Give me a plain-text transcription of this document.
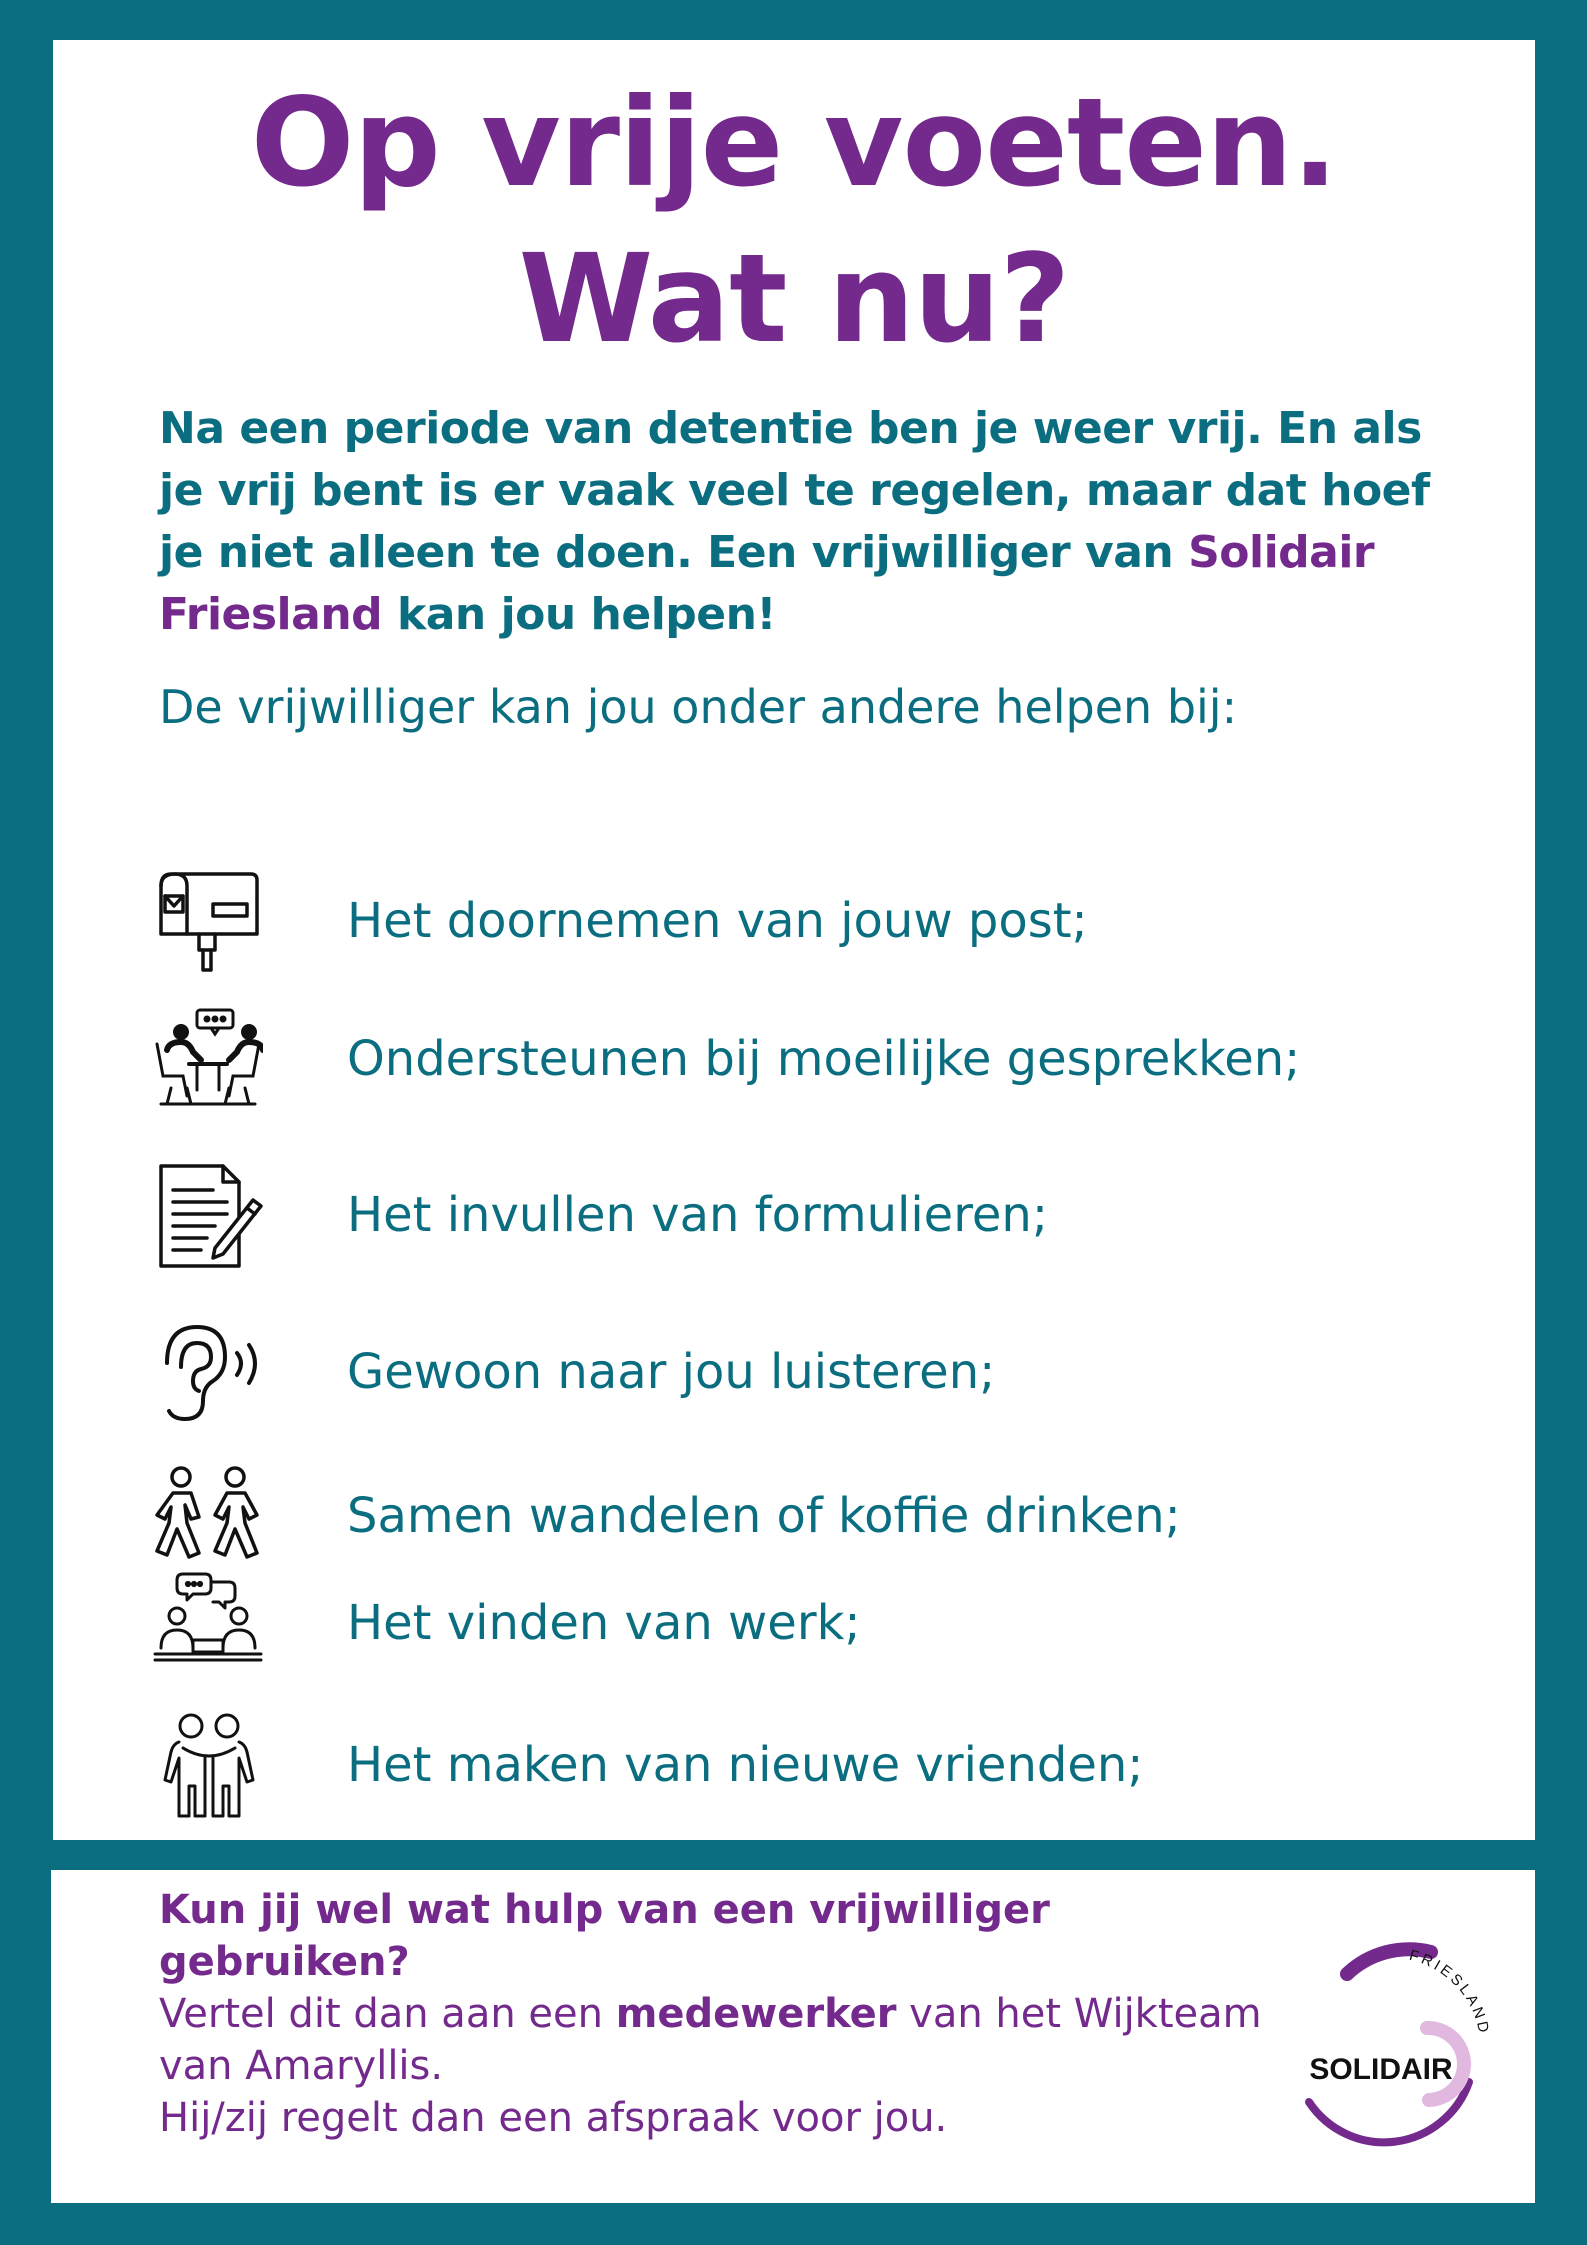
Op vrije voeten.
Wat nu?

Na een periode van detentie ben je weer vrij. En als je vrij bent is er vaak veel te regelen, maar dat hoef je niet alleen te doen. Een vrijwilliger van Solidair Friesland kan jou helpen!

De vrijwilliger kan jou onder andere helpen bij:

Het doornemen van jouw post;
Ondersteunen bij moeilijke gesprekken;
Het invullen van formulieren;
Gewoon naar jou luisteren;
Samen wandelen of koffie drinken;
Het vinden van werk;
Het maken van nieuwe vrienden;

Kun jij wel wat hulp van een vrijwilliger gebruiken?
Vertel dit dan aan een medewerker van het Wijkteam van Amaryllis.
Hij/zij regelt dan een afspraak voor jou.

SOLIDAIR
FRIESLAND
